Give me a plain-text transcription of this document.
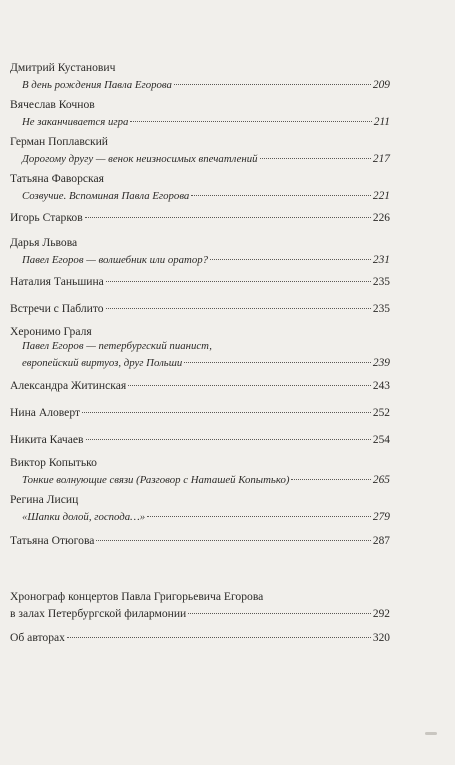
Дмитрий Кустанович
В день рождения Павла Егорова	209
Вячеслав Кочнов
Не заканчивается игра	211
Герман Поплавский
Дорогому другу — венок неизносимых впечатлений	217
Татьяна Фаворская
Созвучие. Вспоминая Павла Егорова	221
Игорь Старков	226
Дарья Львова
Павел Егоров — волшебник или оратор?	231
Наталия Таньшина	235
Встречи с Паблито	235
Херонимо Граля
Павел Егоров — петербургский пианист,
европейский виртуоз, друг Польши	239
Александра Житинская	243
Нина Аловерт	252
Никита Качаев	254
Виктор Копытько
Тонкие волнующие связи (Разговор с Наташей Копытько)	265
Регина Лисиц
«Шапки долой, господа…»	279
Татьяна Отюгова	287
Хронограф концертов Павла Григорьевича Егорова
в залах Петербургской филармонии	292
Об авторах	320
